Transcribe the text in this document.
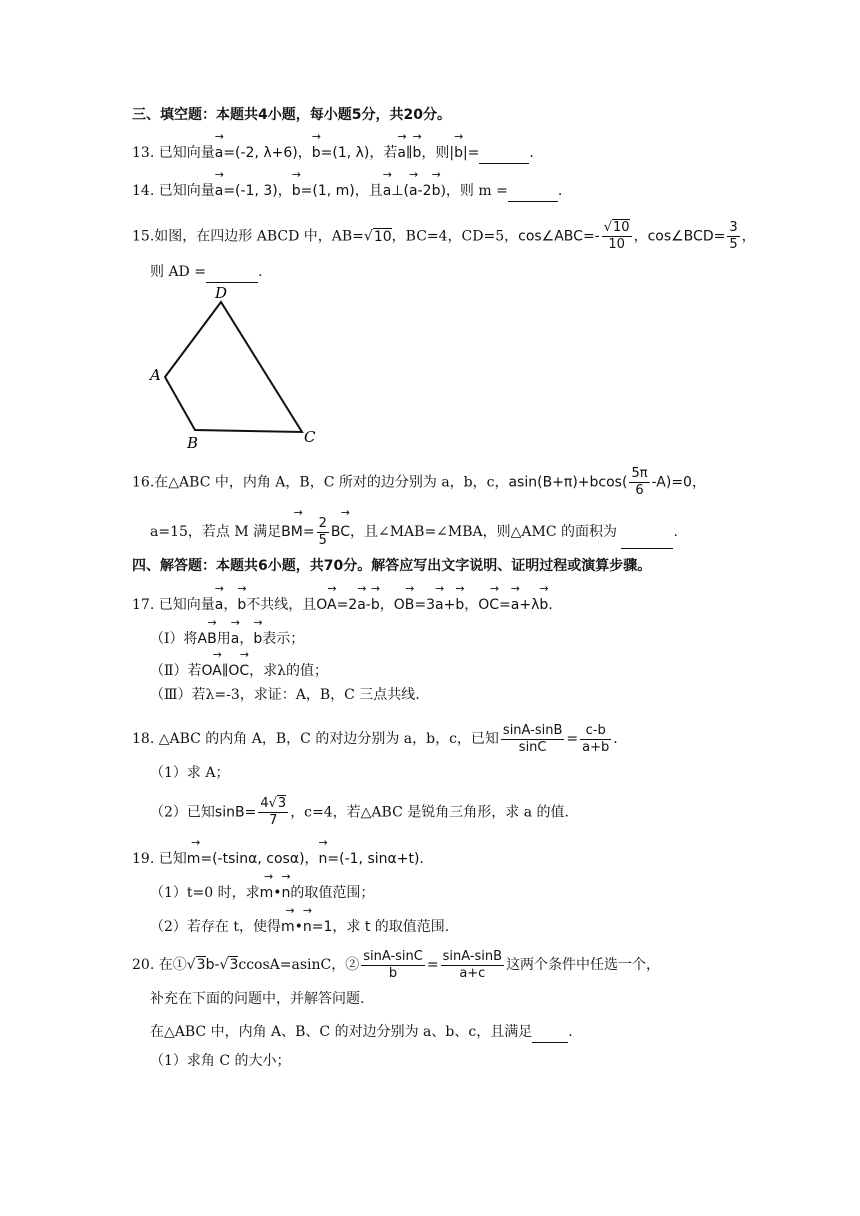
三、填空题：本题共4小题，每小题5分，共20分。
13. 已知向量→ a=(-2, λ+6)，→ b=(1, λ)，若→ a∥→ b，则|→ b|=	.
14. 已知向量→ a=(-1, 3)，→ b=(1, m)，且→ a⊥(→ a-2→ b)，则 m =	.
15.如图，在四边形 ABCD 中，AB=√10，BC=4，CD=5，cos∠ABC=- $\frac{√10}{10}$ ，cos∠BCD= $\frac{3}{5}$ ，
则 AD =	.
D
A
B	C
16.在△ABC 中，内角 A，B，C 所对的边分别为 a，b，c，$asin(B+\pi)+bcos( \frac{5\pi}{6} -A)=0$，
a=15，若点 M 满足→ $BM= \frac{2}{5}$
→ BC，且∠MAB=∠MBA，则△AMC 的面积为	.
四、解答题：本题共6小题，共70分。解答应写出文字说明、证明过程或演算步骤。
17. 已知向量→ a，→ b不共线，且→ OA=2→ a-→ b，→ OB=3→ a+→ b，→ OC=→ a+λ→ b.
（Ⅰ）将→ AB用→ a，→ b表示；
（Ⅱ）若→ OA∥→ OC，求λ的值；
（Ⅲ）若λ=-3，求证：A，B，C 三点共线.
18. △ABC 的内角 A，B，C 的对边分别为 a，b，c，已知 $\frac{\sin A-\sin B}{\sin C} = \frac{c-b}{a+b}$ .
（1）求 A；
（2）已知$\sin B= \frac{4√3}{7}$ ，c=4，若△ABC 是锐角三角形，求 a 的值.
19. 已知→ m=(-tsinα, cosα)，→ n=(-1, sinα+t).
（1）t=0 时，求→ m•→ n的取值范围；
（2）若存在 t，使得→ m•→ n=1，求 t 的取值范围.
20. 在①√3b-√3ccosA=asinC，② $\frac{\sin A-\sin C}{b} = \frac{\sin A-\sin B}{a+c}$ 这两个条件中任选一个，
补充在下面的问题中，并解答问题.
在△ABC 中，内角 A、B、C 的对边分别为 a、b、c，且满足	.
（1）求角 C 的大小；
